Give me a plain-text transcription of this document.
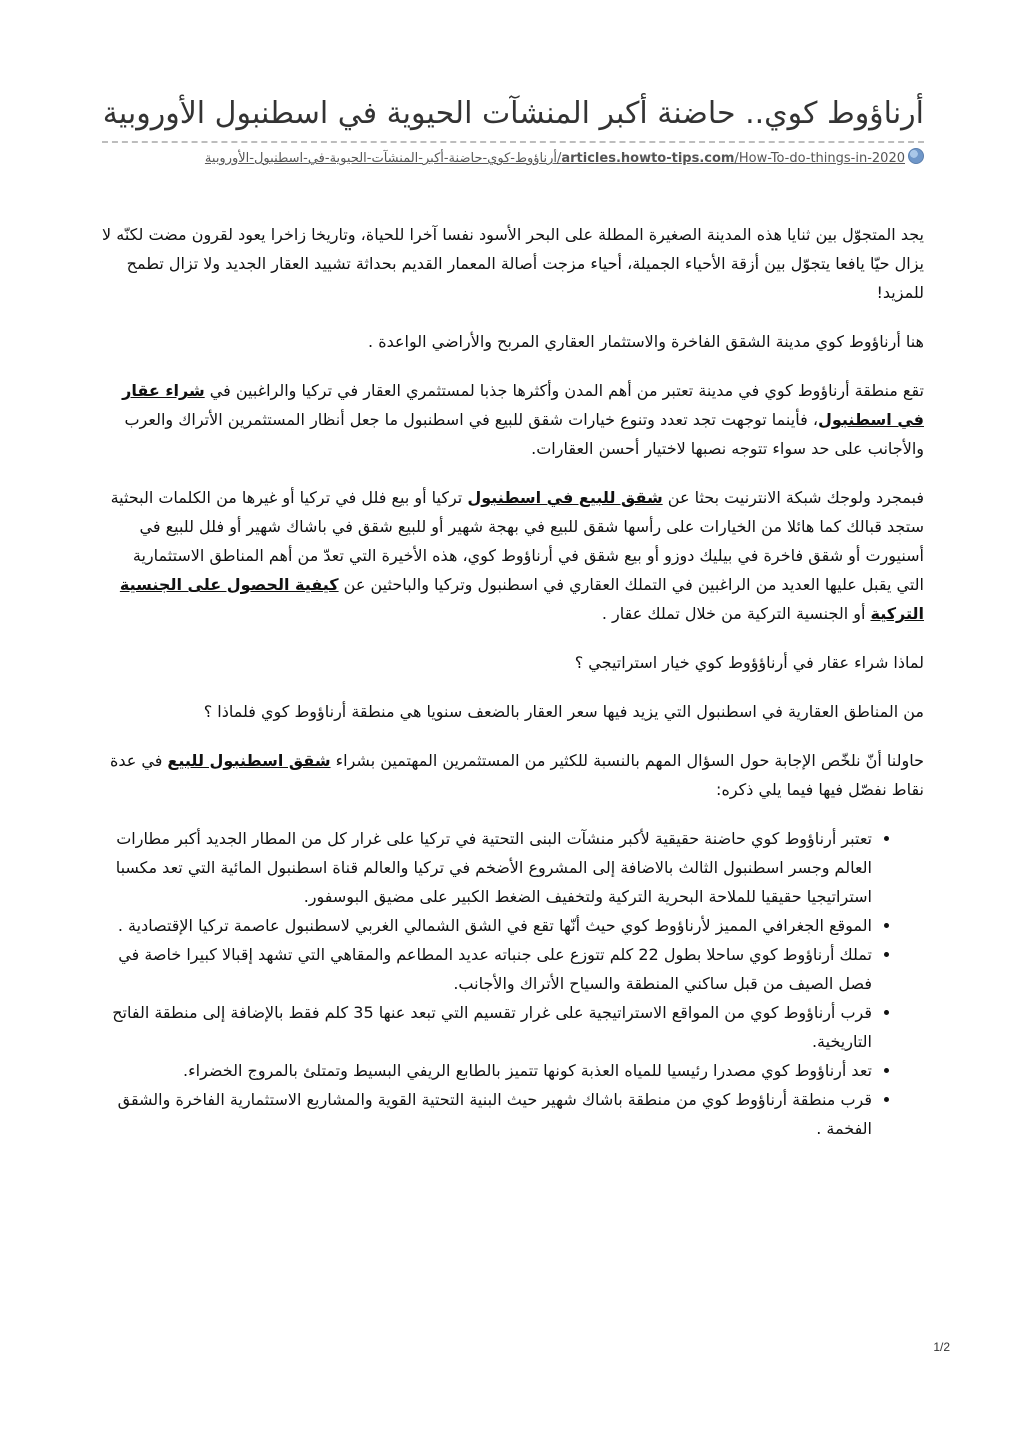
أرناؤوط كوي.. حاضنة أكبر المنشآت الحيوية في اسطنبول الأوروبية
articles.howto-tips.com/How-To-do-things-in-2020/أرناؤوط-كوي-حاضنة-أكبر-المنشآت-الحيوية-في-اسطنبول-الأوروبية

يجد المتجوّل بين ثنايا هذه المدينة الصغيرة المطلة على البحر الأسود نفسا آخرا للحياة، وتاريخا زاخرا يعود لقرون مضت لكنّه لا يزال حيّا يافعا يتجوّل بين أزقة الأحياء الجميلة، أحياء مزجت أصالة المعمار القديم بحداثة تشييد العقار الجديد ولا تزال تطمح للمزيد!

هنا أرناؤوط كوي مدينة الشقق الفاخرة والاستثمار العقاري المربح والأراضي الواعدة .

تقع منطقة أرناؤوط كوي في مدينة تعتبر من أهم المدن وأكثرها جذبا لمستثمري العقار في تركيا والراغبين في شراء عقار في اسطنبول، فأينما توجهت تجد تعدد وتنوع خيارات شقق للبيع في اسطنبول ما جعل أنظار المستثمرين الأتراك والعرب والأجانب على حد سواء تتوجه نصبها لاختيار أحسن العقارات.

فبمجرد ولوجك شبكة الانترنيت بحثا عن شقق للبيع في اسطنبول تركيا أو بيع فلل في تركيا أو غيرها من الكلمات البحثية ستجد قبالك كما هائلا من الخيارات على رأسها شقق للبيع في بهجة شهير أو للبيع شقق في باشاك شهير أو فلل للبيع في أسنيورت أو شقق فاخرة في بيليك دوزو أو بيع شقق في أرناؤوط كوي، هذه الأخيرة التي تعدّ من أهم المناطق الاستثمارية التي يقبل عليها العديد من الراغبين في التملك العقاري في اسطنبول وتركيا والباحثين عن كيفية الحصول على الجنسية التركية أو الجنسية التركية من خلال تملك عقار .

لماذا شراء عقار في أرناؤؤوط كوي خيار استراتيجي ؟

من المناطق العقارية في اسطنبول التي يزيد فيها سعر العقار بالضعف سنويا هي منطقة أرناؤوط كوي فلماذا ؟

حاولنا أنّ نلخّص الإجابة حول السؤال المهم بالنسبة للكثير من المستثمرين المهتمين بشراء شقق اسطنبول للبيع في عدة نقاط نفصّل فيها فيما يلي ذكره:

• تعتبر أرناؤوط كوي حاضنة حقيقية لأكبر منشآت البنى التحتية في تركيا على غرار كل من المطار الجديد أكبر مطارات العالم وجسر اسطنبول الثالث بالاضافة إلى المشروع الأضخم في تركيا والعالم قناة اسطنبول المائية التي تعد مكسبا استراتيجيا حقيقيا للملاحة البحرية التركية ولتخفيف الضغط الكبير على مضيق البوسفور.
• الموقع الجغرافي المميز لأرناؤوط كوي حيث أنّها تقع في الشق الشمالي الغربي لاسطنبول عاصمة تركيا الإقتصادية .
• تملك أرناؤوط كوي ساحلا بطول 22 كلم تتوزع على جنباته عديد المطاعم والمقاهي التي تشهد إقبالا كبيرا خاصة في فصل الصيف من قبل ساكني المنطقة والسياح الأتراك والأجانب.
• قرب أرناؤوط كوي من المواقع الاستراتيجية على غرار تقسيم التي تبعد عنها 35 كلم فقط بالإضافة إلى منطقة الفاتح التاريخية.
• تعد أرناؤوط كوي مصدرا رئيسيا للمياه العذبة كونها تتميز بالطابع الريفي البسيط وتمتلئ بالمروج الخضراء.
• قرب منطقة أرناؤوط كوي من منطقة باشاك شهير حيث البنية التحتية القوية والمشاريع الاستثمارية الفاخرة والشقق الفخمة .
1/2
